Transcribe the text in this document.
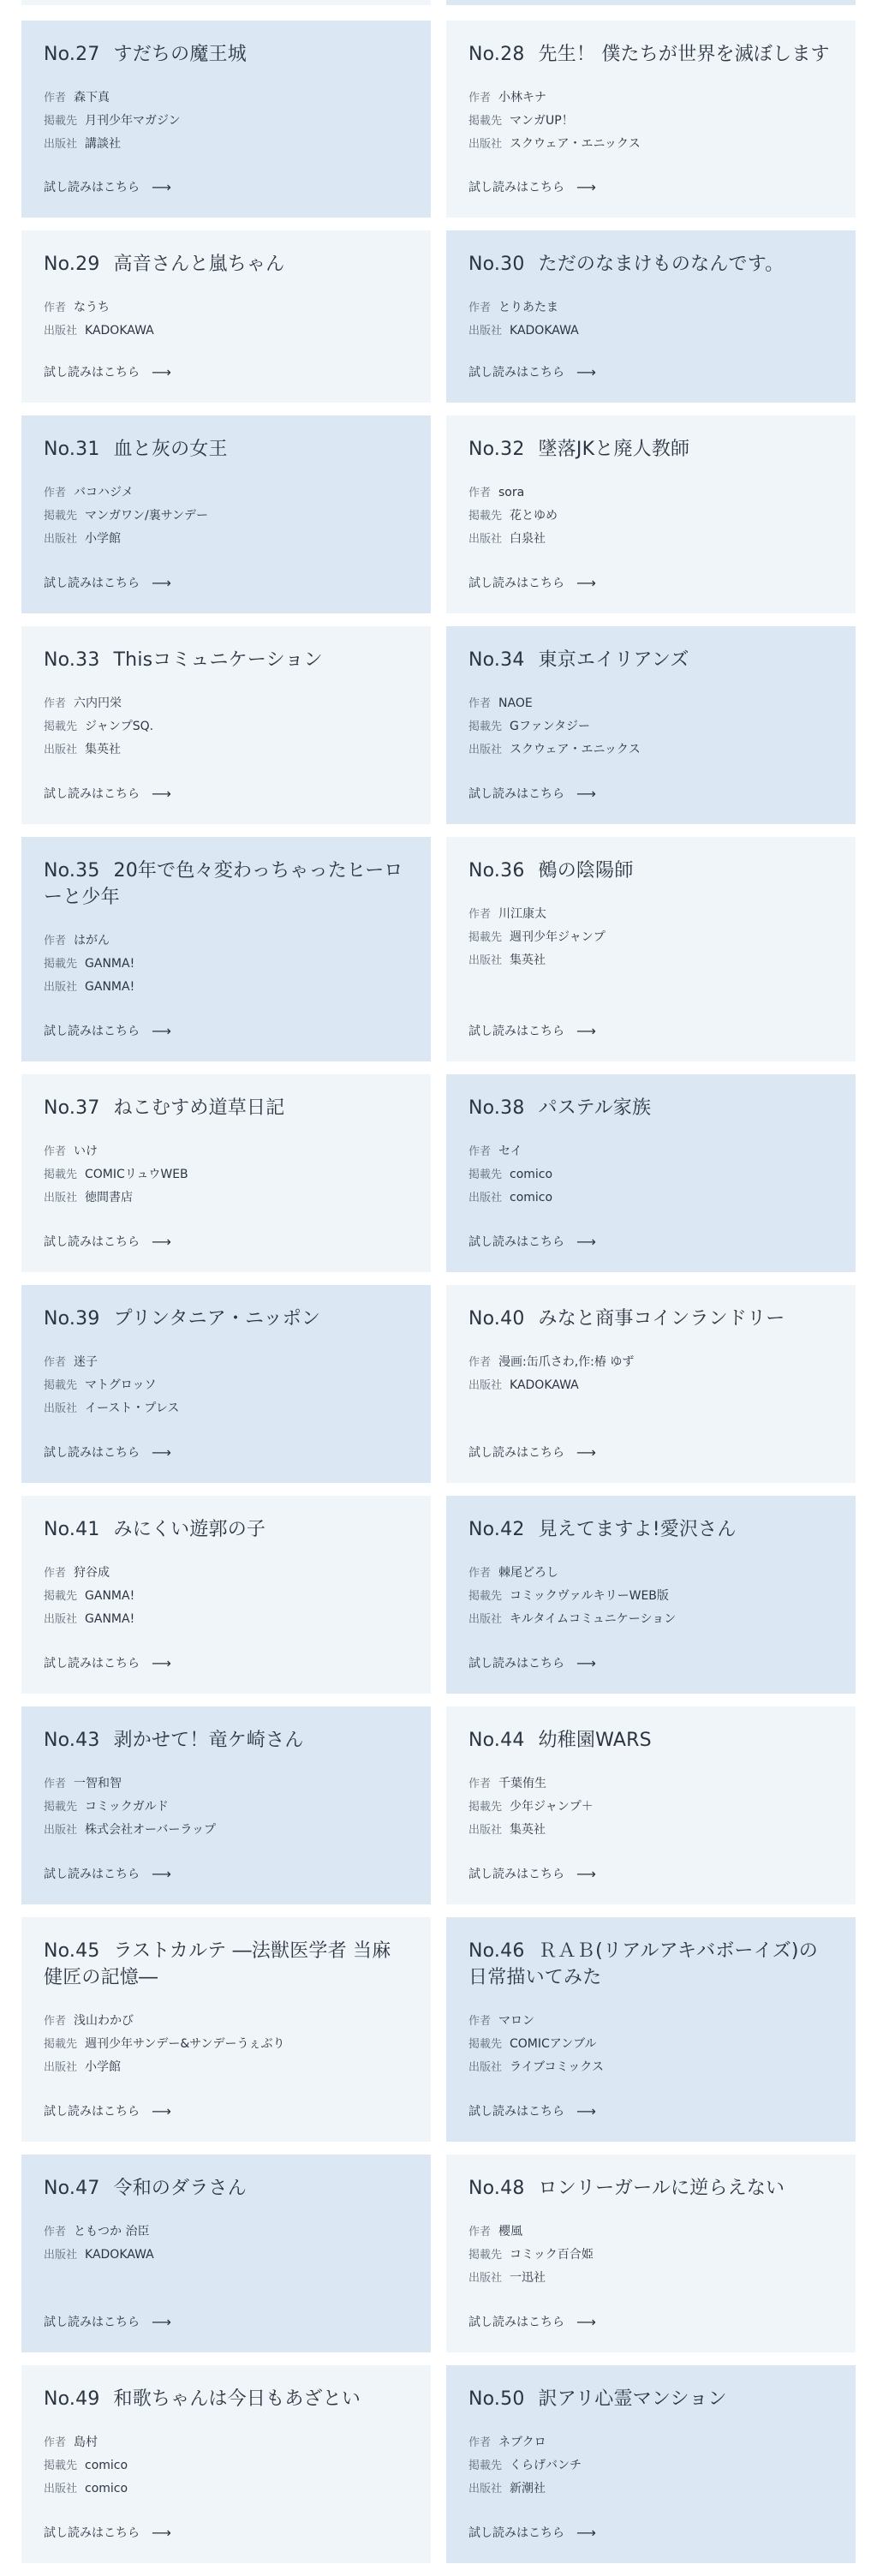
No.27 すだちの魔王城

作者 森下真

掲載先 月刊少年マガジン

出版社 講談社

試し読みはこちら ⟶
No.28 先生！ 僕たちが世界を滅ぼします

作者 小林キナ

掲載先 マンガUP！

出版社 スクウェア・エニックス

試し読みはこちら ⟶
No.29 高音さんと嵐ちゃん

作者 なうち

出版社 KADOKAWA

試し読みはこちら ⟶
No.30 ただのなまけものなんです。

作者 とりあたま

出版社 KADOKAWA

試し読みはこちら ⟶
No.31 血と灰の女王

作者 バコハジメ

掲載先 マンガワン/裏サンデー

出版社 小学館

試し読みはこちら ⟶
No.32 墜落JKと廃人教師

作者 sora

掲載先 花とゆめ

出版社 白泉社

試し読みはこちら ⟶
No.33 Thisコミュニケーション

作者 六内円栄

掲載先 ジャンプSQ.

出版社 集英社

試し読みはこちら ⟶
No.34 東京エイリアンズ

作者 NAOE

掲載先 Gファンタジー

出版社 スクウェア・エニックス

試し読みはこちら ⟶
No.35 20年で色々変わっちゃったヒーローと少年

作者 はがん

掲載先 GANMA!

出版社 GANMA!

試し読みはこちら ⟶
No.36 鵺の陰陽師

作者 川江康太

掲載先 週刊少年ジャンプ

出版社 集英社

試し読みはこちら ⟶
No.37 ねこむすめ道草日記

作者 いけ

掲載先 COMICリュウWEB

出版社 徳間書店

試し読みはこちら ⟶
No.38 パステル家族

作者 セイ

掲載先 comico

出版社 comico

試し読みはこちら ⟶
No.39 プリンタニア・ニッポン

作者 迷子

掲載先 マトグロッソ

出版社 イースト・プレス

試し読みはこちら ⟶
No.40 みなと商事コインランドリー

作者 漫画:缶爪さわ,作:椿 ゆず

出版社 KADOKAWA

試し読みはこちら ⟶
No.41 みにくい遊郭の子

作者 狩谷成

掲載先 GANMA!

出版社 GANMA!

試し読みはこちら ⟶
No.42 見えてますよ!愛沢さん

作者 棘尾どろし

掲載先 コミックヴァルキリーWEB版

出版社 キルタイムコミュニケーション

試し読みはこちら ⟶
No.43 剥かせて！竜ケ崎さん

作者 一智和智

掲載先 コミックガルド

出版社 株式会社オーバーラップ

試し読みはこちら ⟶
No.44 幼稚園WARS

作者 千葉侑生

掲載先 少年ジャンプ＋

出版社 集英社

試し読みはこちら ⟶
No.45 ラストカルテ ―法獣医学者 当麻健匠の記憶―

作者 浅山わかび

掲載先 週刊少年サンデー&サンデーうぇぶり

出版社 小学館

試し読みはこちら ⟶
No.46 ＲＡＢ(リアルアキバボーイズ)の日常描いてみた

作者 マロン

掲載先 COMICアンブル

出版社 ライブコミックス

試し読みはこちら ⟶
No.47 令和のダラさん

作者 ともつか 治臣

出版社 KADOKAWA

試し読みはこちら ⟶
No.48 ロンリーガールに逆らえない

作者 櫻風

掲載先 コミック百合姫

出版社 一迅社

試し読みはこちら ⟶
No.49 和歌ちゃんは今日もあざとい

作者 島村

掲載先 comico

出版社 comico

試し読みはこちら ⟶
No.50 訳アリ心霊マンション

作者 ネブクロ

掲載先 くらげバンチ

出版社 新潮社

試し読みはこちら ⟶
